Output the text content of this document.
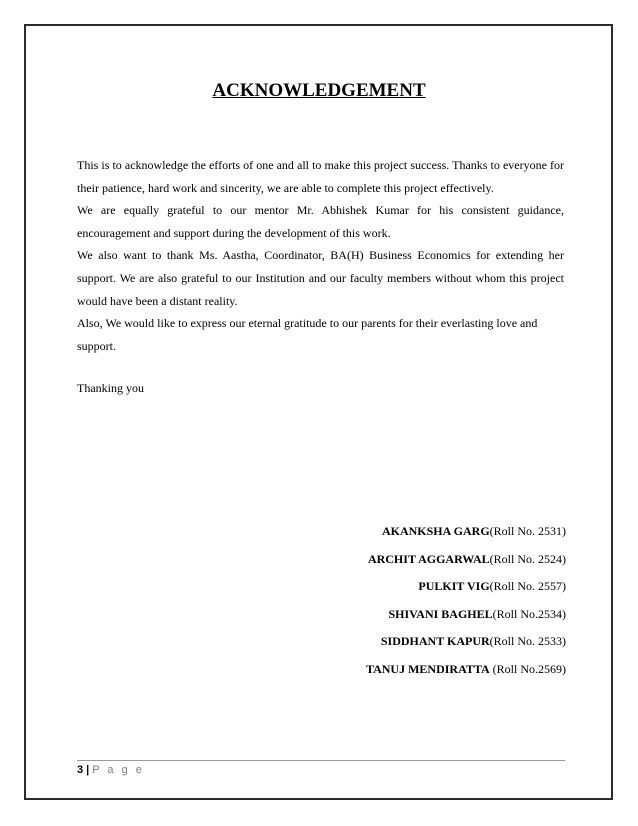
ACKNOWLEDGEMENT

This is to acknowledge the efforts of one and all to make this project success. Thanks to everyone for their patience, hard work and sincerity, we are able to complete this project effectively.

We are equally grateful to our mentor Mr. Abhishek Kumar for his consistent guidance, encouragement and support during the development of this work.

We also want to thank Ms. Aastha, Coordinator, BA(H) Business Economics for extending her support. We are also grateful to our Institution and our faculty members without whom this project would have been a distant reality.

Also, We would like to express our eternal gratitude to our parents for their everlasting love and support.

Thanking you

AKANKSHA GARG(Roll No. 2531)
ARCHIT AGGARWAL(Roll No. 2524)
PULKIT VIG(Roll No. 2557)
SHIVANI BAGHEL(Roll No.2534)
SIDDHANT KAPUR(Roll No. 2533)
TANUJ MENDIRATTA (Roll No.2569)
3 | P a g e
